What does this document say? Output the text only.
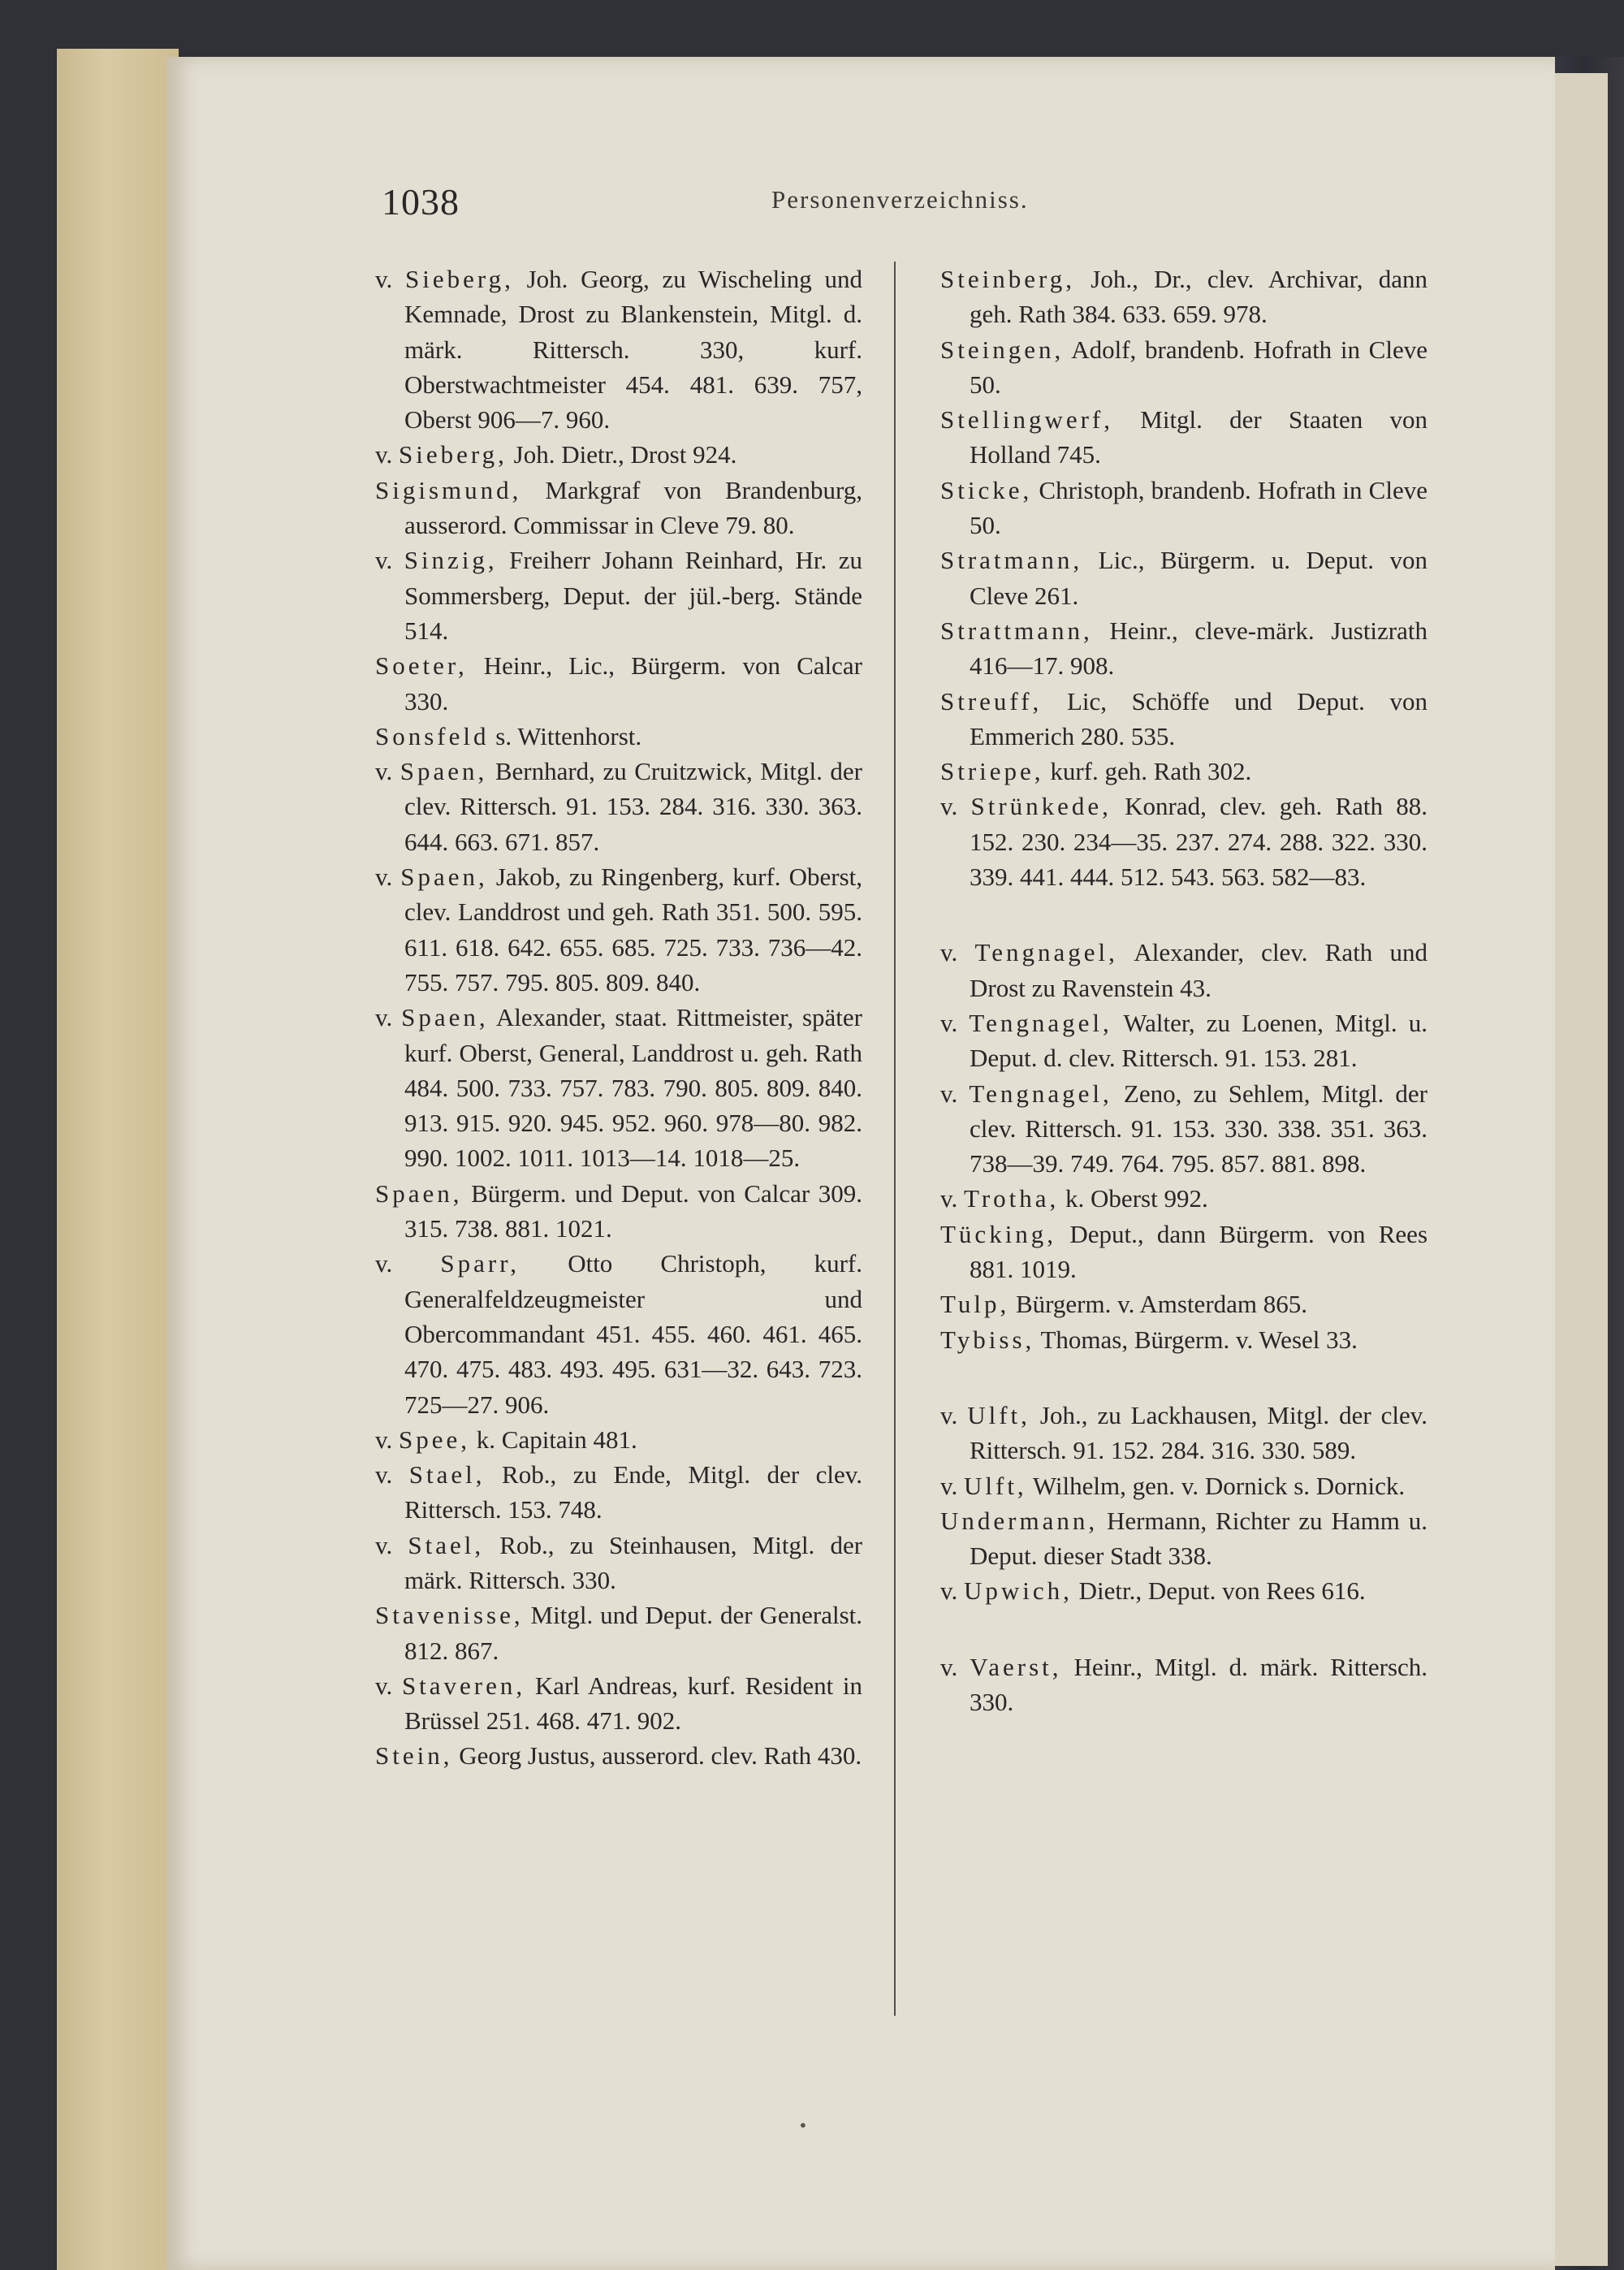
1038	Personenverzeichniss.
v. Sieberg, Joh. Georg, zu Wischeling und Kemnade, Drost zu Blankenstein, Mitgl. d. märk. Rittersch. 330, kurf. Oberstwachtmeister 454. 481. 639. 757, Oberst 906—7. 960.
v. Sieberg, Joh. Dietr., Drost 924.
Sigismund, Markgraf von Brandenburg, ausserord. Commissar in Cleve 79. 80.
v. Sinzig, Freiherr Johann Reinhard, Hr. zu Sommersberg, Deput. der jül.-berg. Stände 514.
Soeter, Heinr., Lic., Bürgerm. von Calcar 330.
Sonsfeld s. Wittenhorst.
v. Spaen, Bernhard, zu Cruitzwick, Mitgl. der clev. Rittersch. 91. 153. 284. 316. 330. 363. 644. 663. 671. 857.
v. Spaen, Jakob, zu Ringenberg, kurf. Oberst, clev. Landdrost und geh. Rath 351. 500. 595. 611. 618. 642. 655. 685. 725. 733. 736—42. 755. 757. 795. 805. 809. 840.
v. Spaen, Alexander, staat. Rittmeister, später kurf. Oberst, General, Landdrost u. geh. Rath 484. 500. 733. 757. 783. 790. 805. 809. 840. 913. 915. 920. 945. 952. 960. 978—80. 982. 990. 1002. 1011. 1013—14. 1018—25.
Spaen, Bürgerm. und Deput. von Calcar 309. 315. 738. 881. 1021.
v. Sparr, Otto Christoph, kurf. Generalfeldzeugmeister und Obercommandant 451. 455. 460. 461. 465. 470. 475. 483. 493. 495. 631—32. 643. 723. 725—27. 906.
v. Spee, k. Capitain 481.
v. Stael, Rob., zu Ende, Mitgl. der clev. Rittersch. 153. 748.
v. Stael, Rob., zu Steinhausen, Mitgl. der märk. Rittersch. 330.
Stavenisse, Mitgl. und Deput. der Generalst. 812. 867.
v. Staveren, Karl Andreas, kurf. Resident in Brüssel 251. 468. 471. 902.
Stein, Georg Justus, ausserord. clev. Rath 430.
Steinberg, Joh., Dr., clev. Archivar, dann geh. Rath 384. 633. 659. 978.
Steingen, Adolf, brandenb. Hofrath in Cleve 50.
Stellingwerf, Mitgl. der Staaten von Holland 745.
Sticke, Christoph, brandenb. Hofrath in Cleve 50.
Stratmann, Lic., Bürgerm. u. Deput. von Cleve 261.
Strattmann, Heinr., cleve-märk. Justizrath 416—17. 908.
Streuff, Lic, Schöffe und Deput. von Emmerich 280. 535.
Striepe, kurf. geh. Rath 302.
v. Strünkede, Konrad, clev. geh. Rath 88. 152. 230. 234—35. 237. 274. 288. 322. 330. 339. 441. 444. 512. 543. 563. 582—83.
v. Tengnagel, Alexander, clev. Rath und Drost zu Ravenstein 43.
v. Tengnagel, Walter, zu Loenen, Mitgl. u. Deput. d. clev. Rittersch. 91. 153. 281.
v. Tengnagel, Zeno, zu Sehlem, Mitgl. der clev. Rittersch. 91. 153. 330. 338. 351. 363. 738—39. 749. 764. 795. 857. 881. 898.
v. Trotha, k. Oberst 992.
Tücking, Deput., dann Bürgerm. von Rees 881. 1019.
Tulp, Bürgerm. v. Amsterdam 865.
Tybiss, Thomas, Bürgerm. v. Wesel 33.
v. Ulft, Joh., zu Lackhausen, Mitgl. der clev. Rittersch. 91. 152. 284. 316. 330. 589.
v. Ulft, Wilhelm, gen. v. Dornick s. Dornick.
Undermann, Hermann, Richter zu Hamm u. Deput. dieser Stadt 338.
v. Upwich, Dietr., Deput. von Rees 616.
v. Vaerst, Heinr., Mitgl. d. märk. Rittersch. 330.
•
